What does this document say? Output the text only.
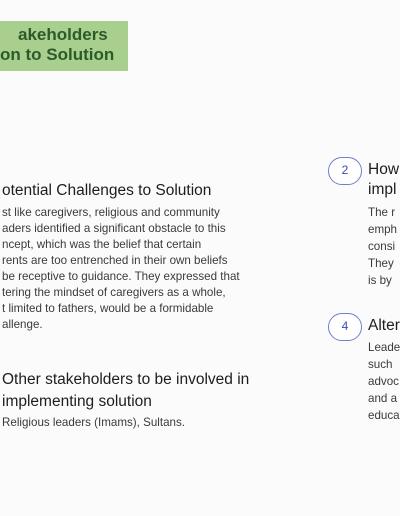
akeholders
on to Solution
otential Challenges to Solution
st like caregivers, religious and community
aders identified a significant obstacle to this
ncept, which was the belief that certain
rents are too entrenched in their own beliefs
be receptive to guidance. They expressed that
tering the mindset of caregivers as a whole,
t limited to fathers, would be a formidable
allenge.
Other stakeholders to be involved in
implementing solution

Religious leaders (Imams), Sultans.

2	How
impl
The r
emph
consi
They
is by
4	Alter
Leade
such
advoc
and a
educa
